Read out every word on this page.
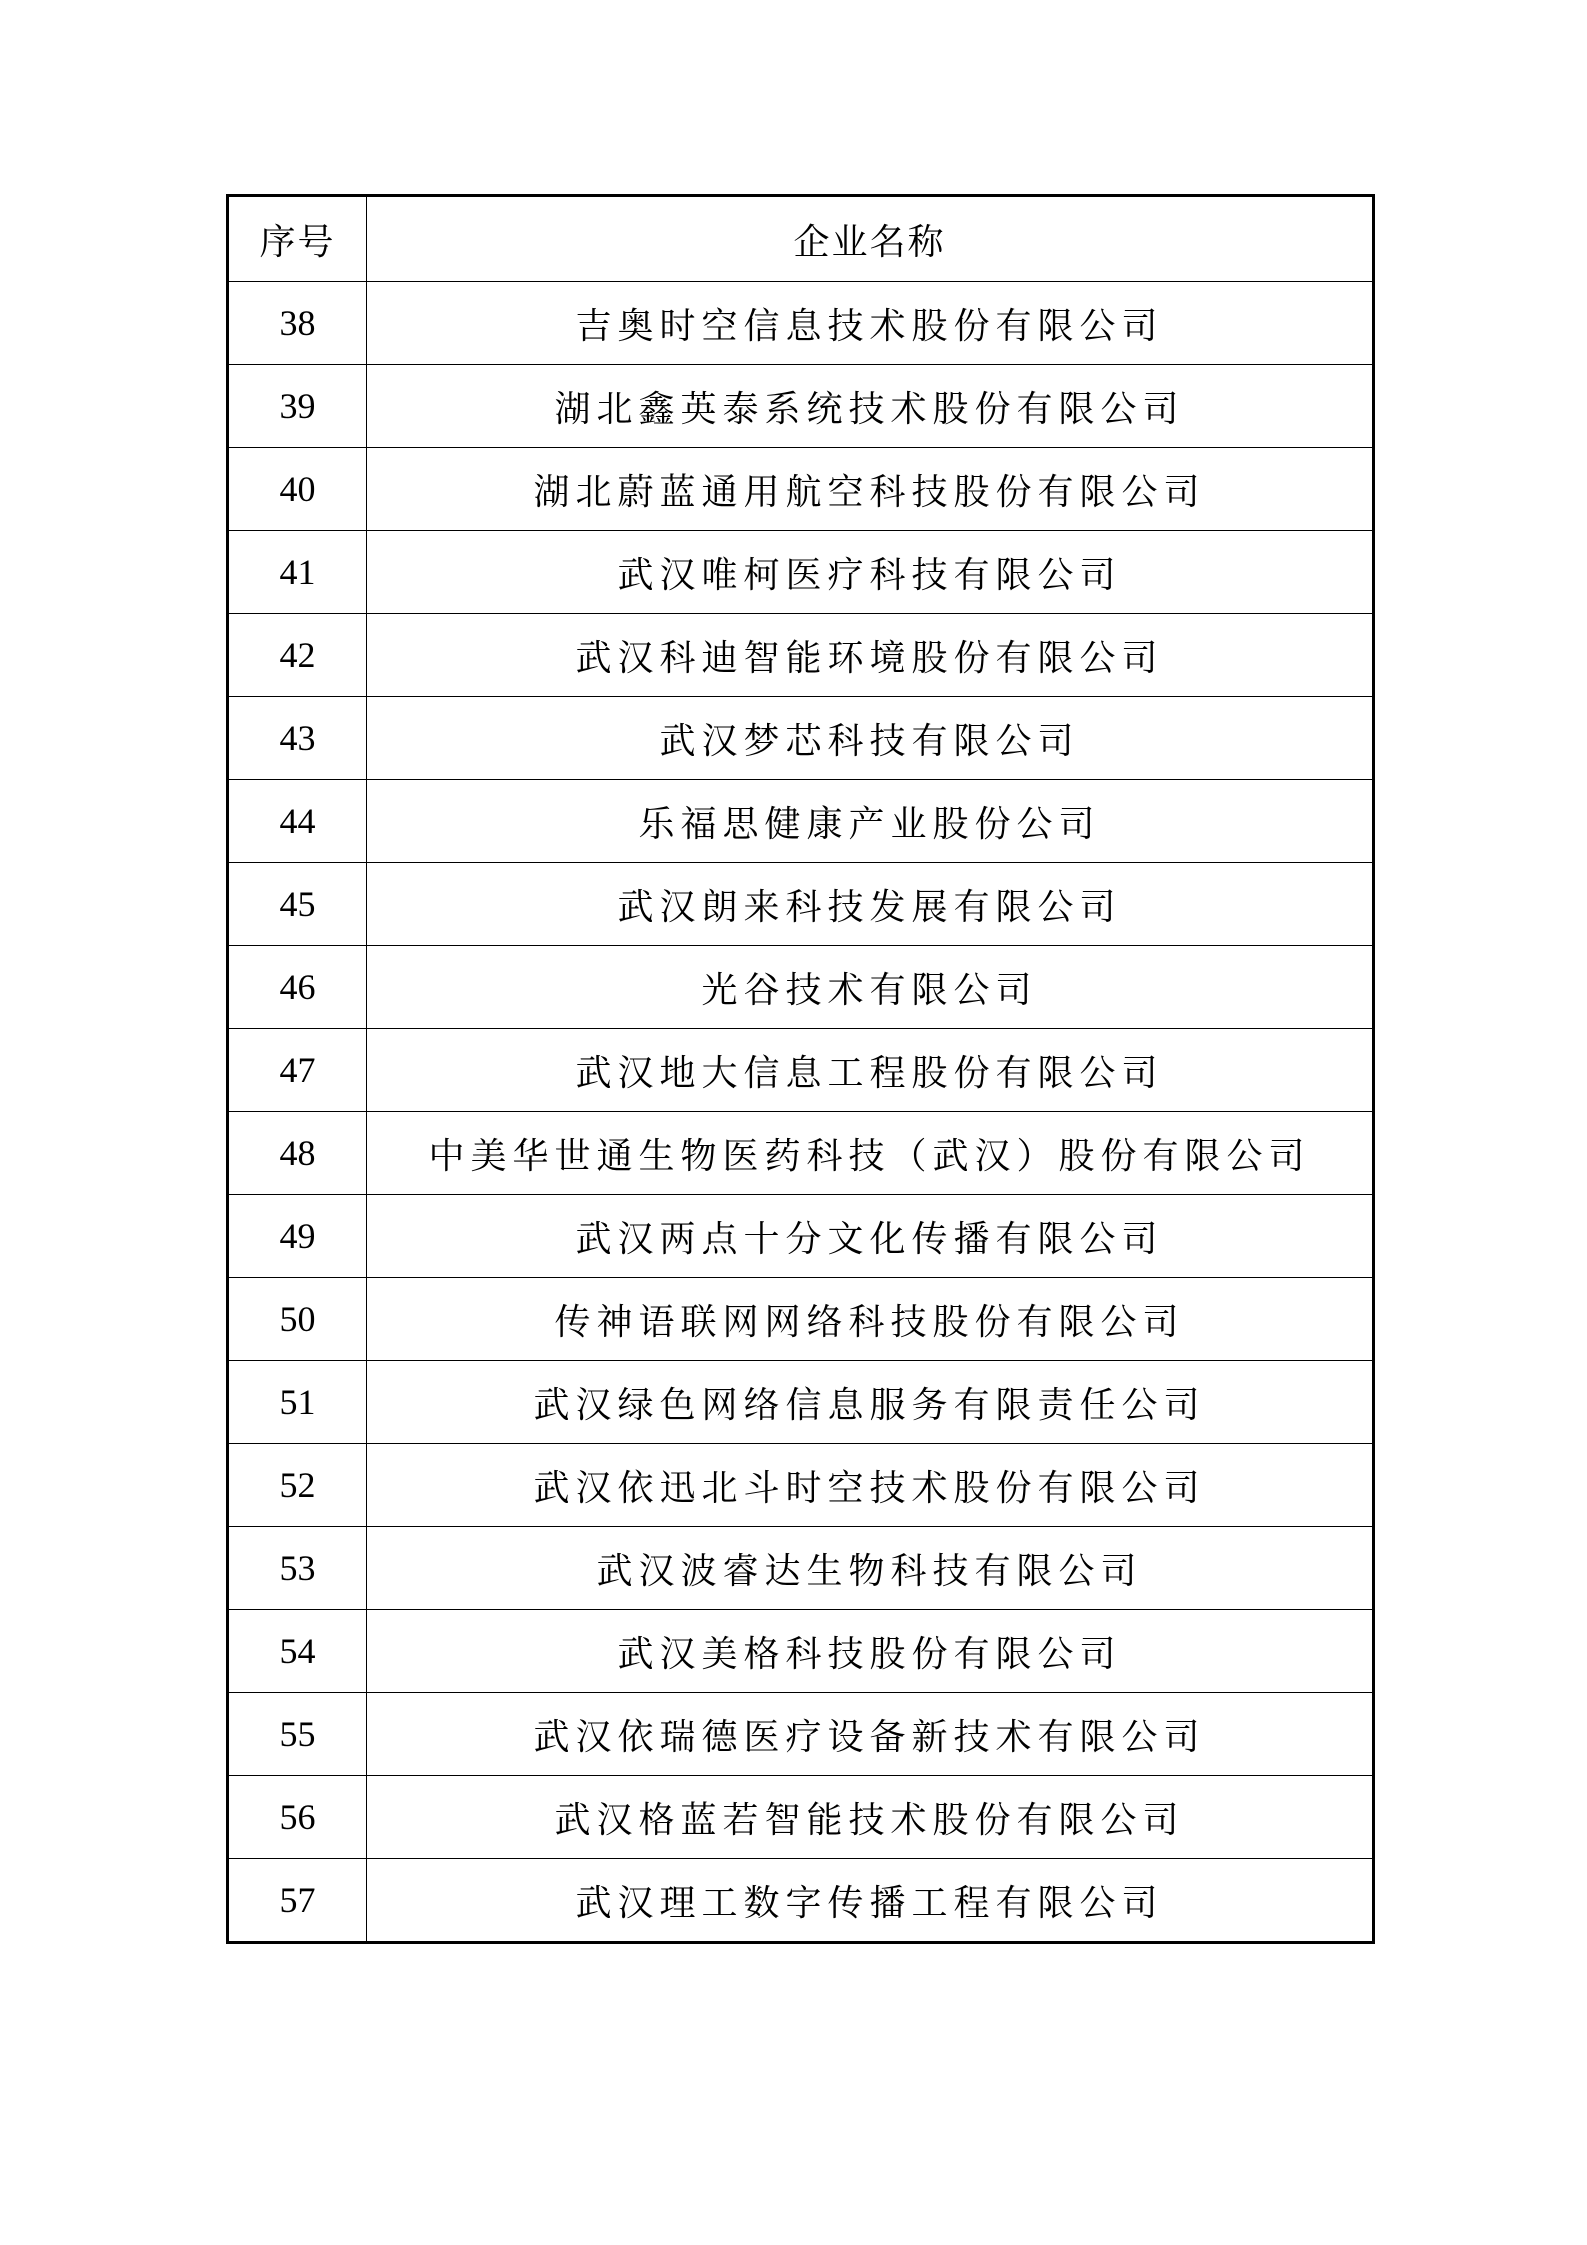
序号	企业名称
38	吉奥时空信息技术股份有限公司
39	湖北鑫英泰系统技术股份有限公司
40	湖北蔚蓝通用航空科技股份有限公司
41	武汉唯柯医疗科技有限公司
42	武汉科迪智能环境股份有限公司
43	武汉梦芯科技有限公司
44	乐福思健康产业股份公司
45	武汉朗来科技发展有限公司
46	光谷技术有限公司
47	武汉地大信息工程股份有限公司
48	中美华世通生物医药科技（武汉）股份有限公司
49	武汉两点十分文化传播有限公司
50	传神语联网网络科技股份有限公司
51	武汉绿色网络信息服务有限责任公司
52	武汉依迅北斗时空技术股份有限公司
53	武汉波睿达生物科技有限公司
54	武汉美格科技股份有限公司
55	武汉依瑞德医疗设备新技术有限公司
56	武汉格蓝若智能技术股份有限公司
57	武汉理工数字传播工程有限公司
